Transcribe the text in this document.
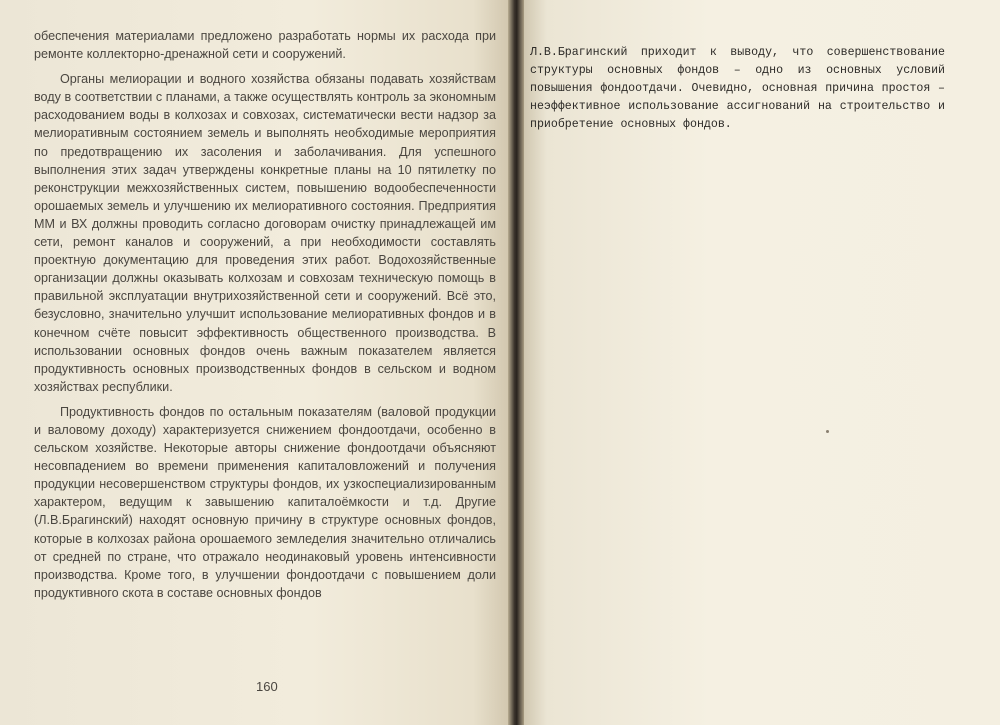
обеспечения материалами предложено разработать нормы их расхода при ремонте коллекторно-дренажной сети и сооружений.

Органы мелиорации и водного хозяйства обязаны подавать хозяйствам воду в соответствии с планами, а также осуществлять контроль за экономным расходованием воды в колхозах и совхозах, систематически вести надзор за мелиоративным состоянием земель и выполнять необходимые мероприятия по предотвращению их засоления и заболачивания. Для успешного выполнения этих задач утверждены конкретные планы на 10 пятилетку по реконструкции межхозяйственных систем, повышению водообеспеченности орошаемых земель и улучшению их мелиоративного состояния. Предприятия ММ и ВХ должны проводить согласно договорам очистку принадлежащей им сети, ремонт каналов и сооружений, а при необходимости составлять проектную документацию для проведения этих работ. Водохозяйственные организации должны оказывать колхозам и совхозам техническую помощь в правильной эксплуатации внутрихозяйственной сети и сооружений. Всё это, безусловно, значительно улучшит использование мелиоративных фондов и в конечном счёте повысит эффективность общественного производства. В использовании основных фондов очень важным показателем является продуктивность основных производственных фондов в сельском и водном хозяйствах республики.

Продуктивность фондов по остальным показателям (валовой продукции и валовому доходу) характеризуется снижением фондоотдачи, особенно в сельском хозяйстве. Некоторые авторы снижение фондоотдачи объясняют несовпадением во времени применения капиталовложений и получения продукции несовершенством структуры фондов, их узкоспециализированным характером, ведущим к завышению капиталоёмкости и т.д. Другие (Л.В.Брагинский) находят основную причину в структуре основных фондов, которые в колхозах района орошаемого земледелия значительно отличались от средней по стране, что отражало неодинаковый уровень интенсивности производства. Кроме того, в улучшении фондоотдачи с повышением доли продуктивного скота в составе основных фондов

160

Л.В.Брагинский приходит к выводу, что совершенствование структуры основных фондов – одно из основных условий повышения фондоотдачи. Очевидно, основная причина простоя – неэффективное использование ассигнований на строительство и приобретение основных фондов.
